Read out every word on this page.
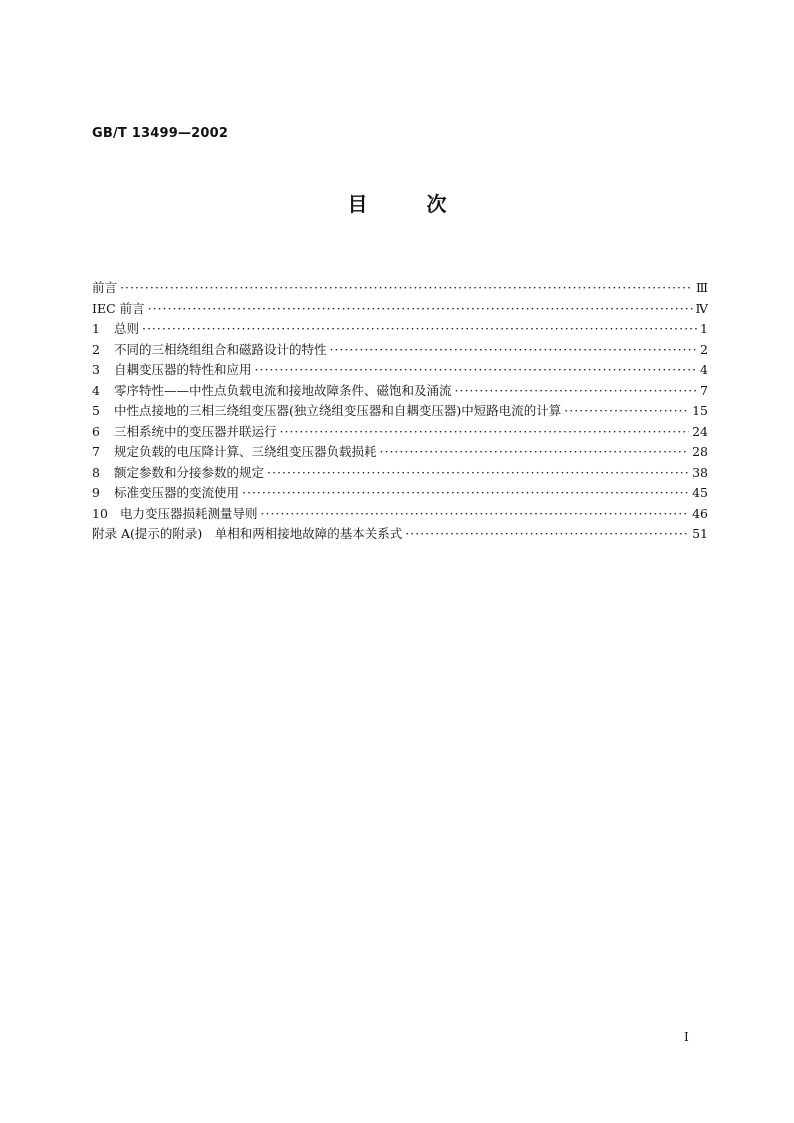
GB/T 13499—2002
目 次
前言 ·····	Ⅲ
IEC 前言 ·····	Ⅳ
1	总则 ·····	1
2	不同的三相绕组组合和磁路设计的特性 ·····	2
3	自耦变压器的特性和应用 ·····	4
4	零序特性——中性点负载电流和接地故障条件、磁饱和及涌流 ·····	7
5	中性点接地的三相三绕组变压器(独立绕组变压器和自耦变压器)中短路电流的计算 ·····	15
6	三相系统中的变压器并联运行 ·····	24
7	规定负载的电压降计算、三绕组变压器负载损耗 ·····	28
8	额定参数和分接参数的规定 ·····	38
9	标准变压器的变流使用 ·····	45
10 电力变压器损耗测量导则 ·····	46
附录 A(提示的附录)　单相和两相接地故障的基本关系式 ·····	51
I
